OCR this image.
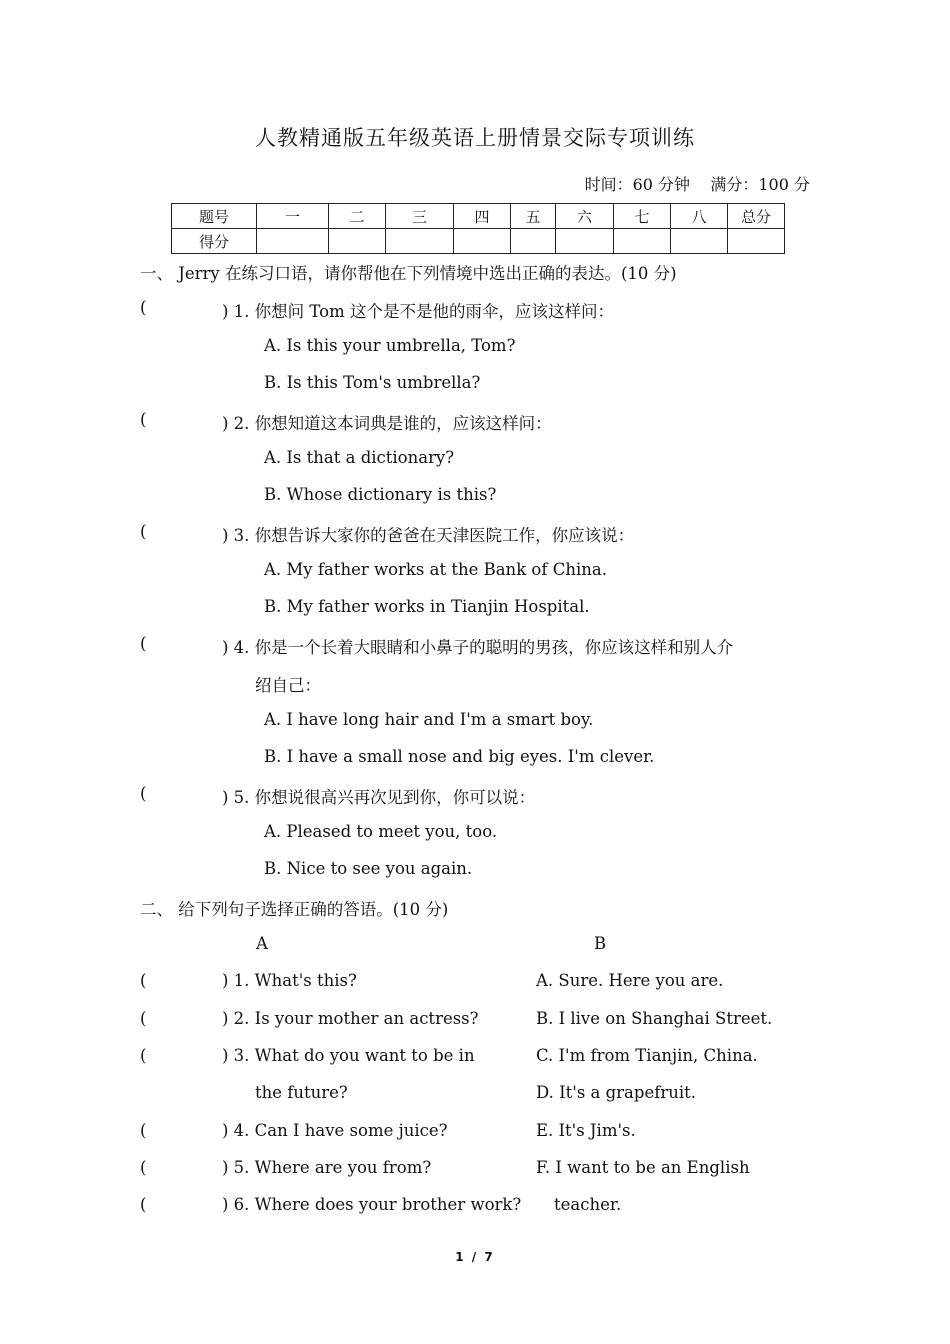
人教精通版五年级英语上册情景交际专项训练
时间：60 分钟    满分：100 分
题号	一	二	三	四	五	六	七	八	总分
得分									
一、 Jerry 在练习口语，请你帮他在下列情境中选出正确的表达。(10 分)
(	) 1. 你想问 Tom 这个是不是他的雨伞，应该这样问：
A. Is this your umbrella, Tom?
B. Is this Tom's umbrella?
(	) 2. 你想知道这本词典是谁的，应该这样问：
A. Is that a dictionary?
B. Whose dictionary is this?
(	) 3. 你想告诉大家你的爸爸在天津医院工作，你应该说：
A. My father works at the Bank of China.
B. My father works in Tianjin Hospital.
(	) 4. 你是一个长着大眼睛和小鼻子的聪明的男孩，你应该这样和别人介
绍自己：
A. I have long hair and I'm a smart boy.
B. I have a small nose and big eyes. I'm clever.
(	) 5. 你想说很高兴再次见到你，你可以说：
A. Pleased to meet you, too.
B. Nice to see you again.
二、 给下列句子选择正确的答语。(10 分)
A	B
(	) 1. What's this?	A. Sure. Here you are.
(	) 2. Is your mother an actress?	B. I live on Shanghai Street.
(	) 3. What do you want to be in	C. I'm from Tianjin, China.
the future?	D. It's a grapefruit.
(	) 4. Can I have some juice?	E. It's Jim's.
(	) 5. Where are you from?	F. I want to be an English
(	) 6. Where does your brother work? teacher.
1 / 7
